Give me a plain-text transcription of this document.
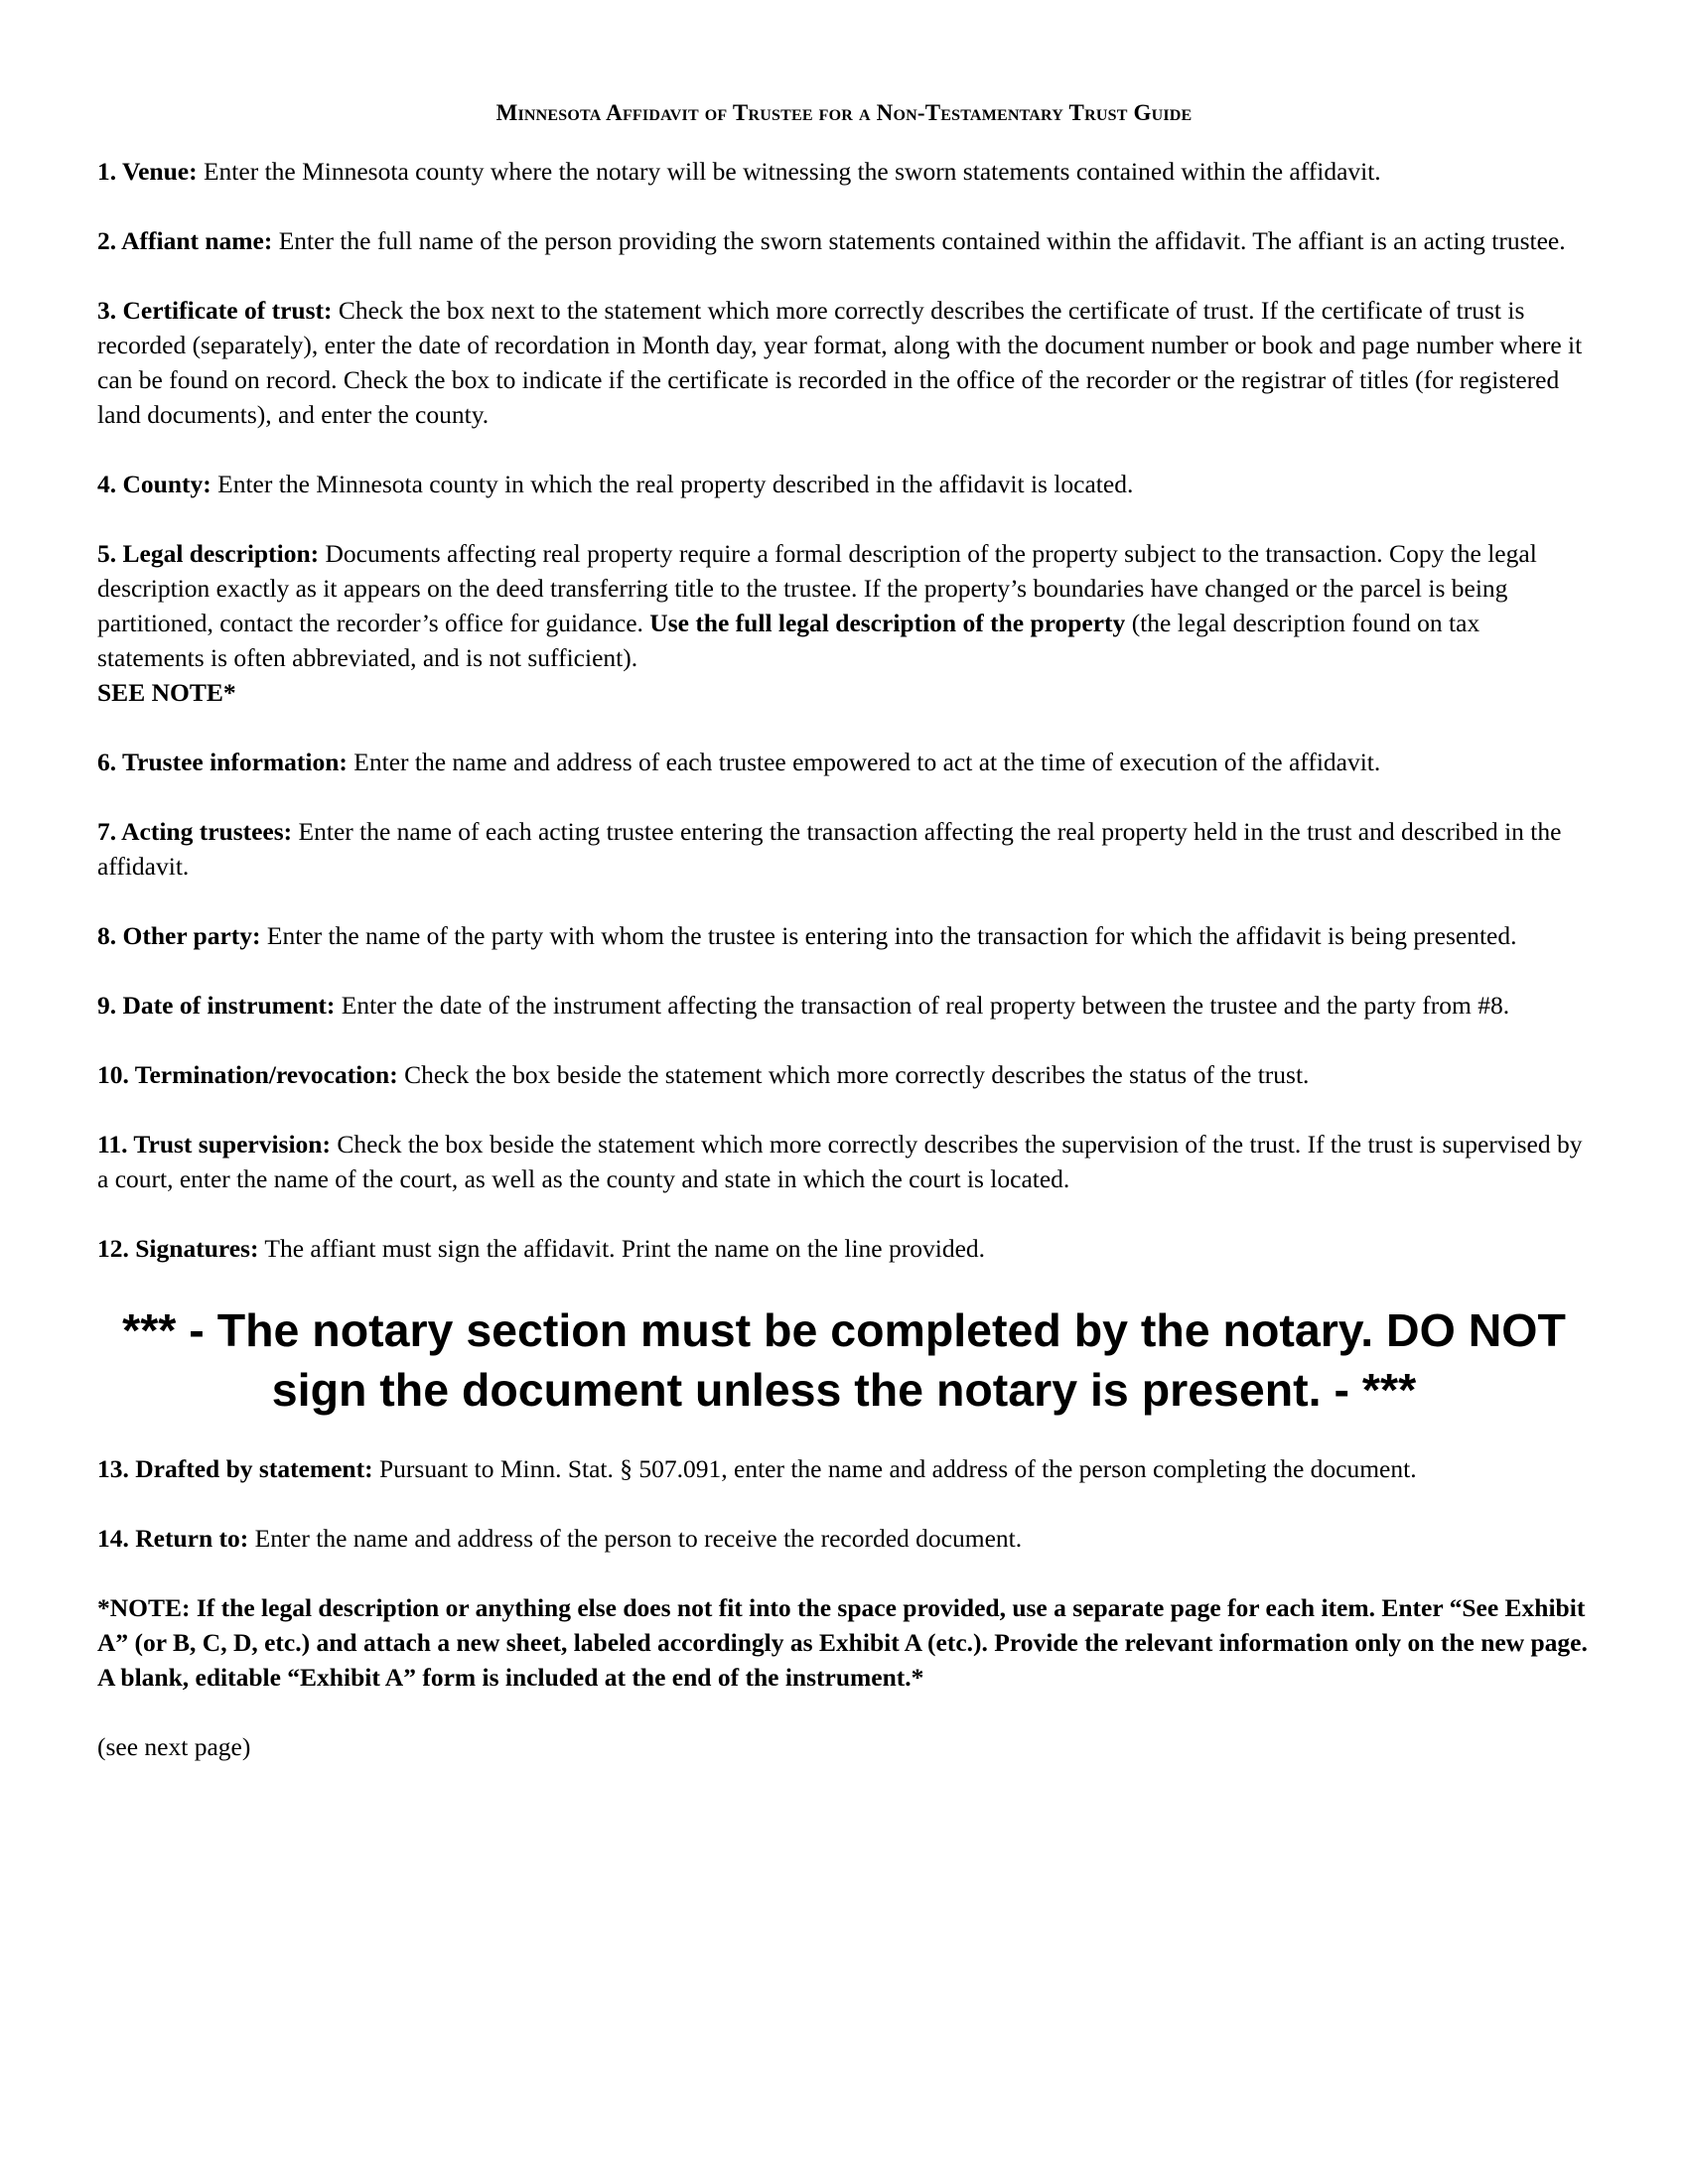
Minnesota Affidavit of Trustee for a Non-Testamentary Trust Guide

1. Venue: Enter the Minnesota county where the notary will be witnessing the sworn statements contained within the affidavit.

2. Affiant name: Enter the full name of the person providing the sworn statements contained within the affidavit. The affiant is an acting trustee.

3. Certificate of trust: Check the box next to the statement which more correctly describes the certificate of trust. If the certificate of trust is recorded (separately), enter the date of recordation in Month day, year format, along with the document number or book and page number where it can be found on record. Check the box to indicate if the certificate is recorded in the office of the recorder or the registrar of titles (for registered land documents), and enter the county.

4. County: Enter the Minnesota county in which the real property described in the affidavit is located.

5. Legal description: Documents affecting real property require a formal description of the property subject to the transaction. Copy the legal description exactly as it appears on the deed transferring title to the trustee. If the property’s boundaries have changed or the parcel is being partitioned, contact the recorder’s office for guidance. Use the full legal description of the property (the legal description found on tax statements is often abbreviated, and is not sufficient).
SEE NOTE*

6. Trustee information: Enter the name and address of each trustee empowered to act at the time of execution of the affidavit.

7. Acting trustees: Enter the name of each acting trustee entering the transaction affecting the real property held in the trust and described in the affidavit.

8. Other party: Enter the name of the party with whom the trustee is entering into the transaction for which the affidavit is being presented.

9. Date of instrument: Enter the date of the instrument affecting the transaction of real property between the trustee and the party from #8.

10. Termination/revocation: Check the box beside the statement which more correctly describes the status of the trust.

11. Trust supervision: Check the box beside the statement which more correctly describes the supervision of the trust. If the trust is supervised by a court, enter the name of the court, as well as the county and state in which the court is located.

12. Signatures: The affiant must sign the affidavit. Print the name on the line provided.

*** - The notary section must be completed by the notary. DO NOT sign the document unless the notary is present. - ***

13. Drafted by statement: Pursuant to Minn. Stat. § 507.091, enter the name and address of the person completing the document.

14. Return to: Enter the name and address of the person to receive the recorded document.

*NOTE: If the legal description or anything else does not fit into the space provided, use a separate page for each item. Enter “See Exhibit A” (or B, C, D, etc.) and attach a new sheet, labeled accordingly as Exhibit A (etc.). Provide the relevant information only on the new page. A blank, editable “Exhibit A” form is included at the end of the instrument.*

(see next page)
